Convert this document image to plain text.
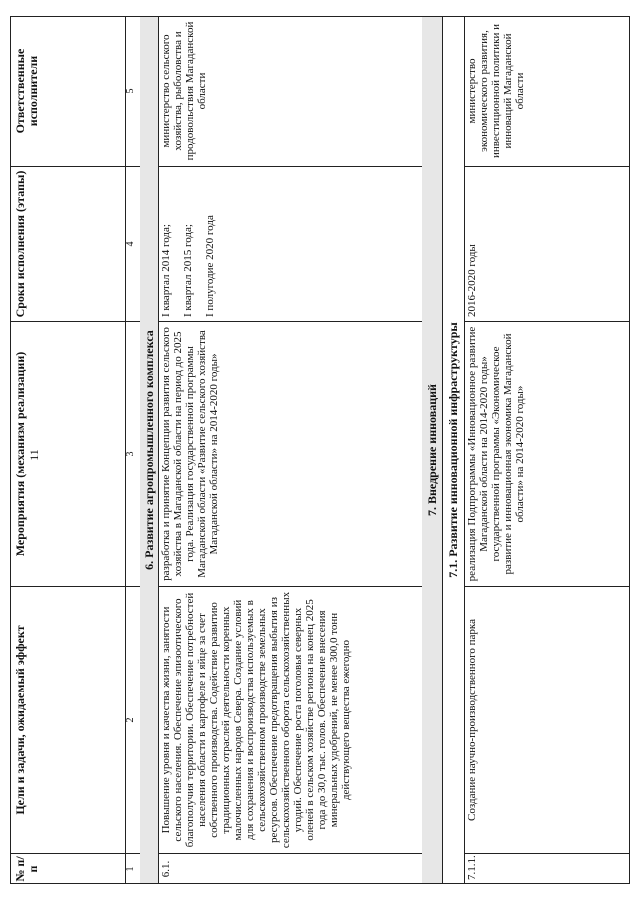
11
№ п/п
Цели и задачи, ожидаемый эффект
Мероприятия (механизм реализации)
Сроки исполнения (этапы)
Ответственные исполнители
1
2
3
4
5
6. Развитие агропромышленного комплекса
6.1.
Повышение уровня и качества жизни, занятости сельского населения. Обеспечение эпизоотического благополучия территории. Обеспечение потребностей населения области в картофеле и яйце за счет собственного производства. Содействие развитию традиционных отраслей деятельности коренных малочисленных народов Севера. Создание условий для сохранения и воспроизводства используемых в сельскохозяйственном производстве земельных ресурсов. Обеспечение предотвращения выбытия из сельскохозяйственного оборота сельскохозяйственных угодий. Обеспечение роста поголовья северных оленей в сельском хозяйстве региона на конец 2025 года до 30,0 тыс. голов. Обеспечение внесения минеральных удобрений, не менее 300,0 тонн действующего вещества ежегодно
разработка и принятие Концепции развития сельского хозяйства в Магаданской области на период до 2025 года. Реализация государственной программы Магаданской области «Развитие сельского хозяйства Магаданской области» на 2014-2020 годы»
I квартал 2014 года; I квартал 2015 года; I полугодие 2020 года
министерство сельского хозяйства, рыболовства и продовольствия Магаданской области
7. Внедрение инноваций 7.1. Развитие инновационной инфраструктуры
7.1.1.
Создание научно-производственного парка
реализация Подпрограммы «Инновационное развитие Магаданской области на 2014-2020 годы» государственной программы «Экономическое развитие и инновационная экономика Магаданской области» на 2014-2020 годы»
2016-2020 годы
министерство экономического развития, инвестиционной политики и инноваций Магаданской области
